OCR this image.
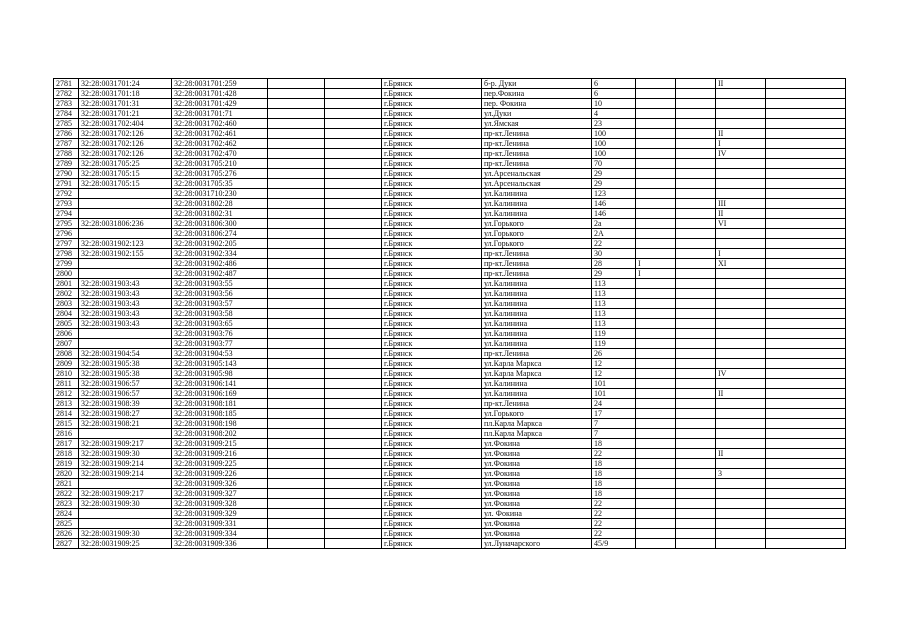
2781	32:28:0031701:24	32:28:0031701:259			г.Брянск	б-р. Дуки	6			II	
2782	32:28:0031701:18	32:28:0031701:428			г.Брянск	пер.Фокина	6				
2783	32:28:0031701:31	32:28:0031701:429			г.Брянск	пер. Фокина	10				
2784	32:28:0031701:21	32:28:0031701:71			г.Брянск	ул.Дуки	4				
2785	32:28:0031702:404	32:28:0031702:460			г.Брянск	ул.Ямская	23				
2786	32:28:0031702:126	32:28:0031702:461			г.Брянск	пр-кт.Ленина	100			II	
2787	32:28:0031702:126	32:28:0031702:462			г.Брянск	пр-кт.Ленина	100			I	
2788	32:28:0031702:126	32:28:0031702:470			г.Брянск	пр-кт.Ленина	100			IV	
2789	32:28:0031705:25	32:28:0031705:210			г.Брянск	пр-кт.Ленина	70				
2790	32:28:0031705:15	32:28:0031705:276			г.Брянск	ул.Арсенальская	29				
2791	32:28:0031705:15	32:28:0031705:35			г.Брянск	ул.Арсенальская	29				
2792		32:28:0031710:230			г.Брянск	ул.Калинина	123				
2793		32:28:0031802:28			г.Брянск	ул.Калинина	146			III	
2794		32:28:0031802:31			г.Брянск	ул.Калинина	146			II	
2795	32:28:0031806:236	32:28:0031806:300			г.Брянск	ул.Горького	2а			VI	
2796		32:28:0031806:274			г.Брянск	ул.Горького	2А				
2797	32:28:0031902:123	32:28:0031902:205			г.Брянск	ул.Горького	22				
2798	32:28:0031902:155	32:28:0031902:334			г.Брянск	пр-кт.Ленина	30			I	
2799		32:28:0031902:486			г.Брянск	пр-кт.Ленина	28	I		XI	
2800		32:28:0031902:487			г.Брянск	пр-кт.Ленина	29	I			
2801	32:28:0031903:43	32:28:0031903:55			г.Брянск	ул.Калинина	113				
2802	32:28:0031903:43	32:28:0031903:56			г.Брянск	ул.Калинина	113				
2803	32:28:0031903:43	32:28:0031903:57			г.Брянск	ул.Калинина	113				
2804	32:28:0031903:43	32:28:0031903:58			г.Брянск	ул.Калинина	113				
2805	32:28:0031903:43	32:28:0031903:65			г.Брянск	ул.Калинина	113				
2806		32:28:0031903:76			г.Брянск	ул.Калинина	119				
2807		32:28:0031903:77			г.Брянск	ул.Калинина	119				
2808	32:28:0031904:54	32:28:0031904:53			г.Брянск	пр-кт.Ленина	26				
2809	32:28:0031905:38	32:28:0031905:143			г.Брянск	ул.Карла Маркса	12				
2810	32:28:0031905:38	32:28:0031905:98			г.Брянск	ул.Карла Маркса	12			IV	
2811	32:28:0031906:57	32:28:0031906:141			г.Брянск	ул.Калинина	101				
2812	32:28:0031906:57	32:28:0031906:169			г.Брянск	ул.Калинина	101			II	
2813	32:28:0031908:39	32:28:0031908:181			г.Брянск	пр-кт.Ленина	24				
2814	32:28:0031908:27	32:28:0031908:185			г.Брянск	ул.Горького	17				
2815	32:28:0031908:21	32:28:0031908:198			г.Брянск	пл.Карла Маркса	7				
2816		32:28:0031908:202			г.Брянск	пл.Карла Маркса	7				
2817	32:28:0031909:217	32:28:0031909:215			г.Брянск	ул.Фокина	18				
2818	32:28:0031909:30	32:28:0031909:216			г.Брянск	ул.Фокина	22			II	
2819	32:28:0031909:214	32:28:0031909:225			г.Брянск	ул.Фокина	18				
2820	32:28:0031909:214	32:28:0031909:226			г.Брянск	ул.Фокина	18			3	
2821		32:28:0031909:326			г.Брянск	ул.Фокина	18				
2822	32:28:0031909:217	32:28:0031909:327			г.Брянск	ул.Фокина	18				
2823	32:28:0031909:30	32:28:0031909:328			г.Брянск	ул.Фокина	22				
2824		32:28:0031909:329			г.Брянск	ул. Фокина	22				
2825		32:28:0031909:331			г.Брянск	ул.Фокина	22				
2826	32:28:0031909:30	32:28:0031909:334			г.Брянск	ул.Фокина	22				
2827	32:28:0031909:25	32:28:0031909:336			г.Брянск	ул.Луначарского	45/9				
